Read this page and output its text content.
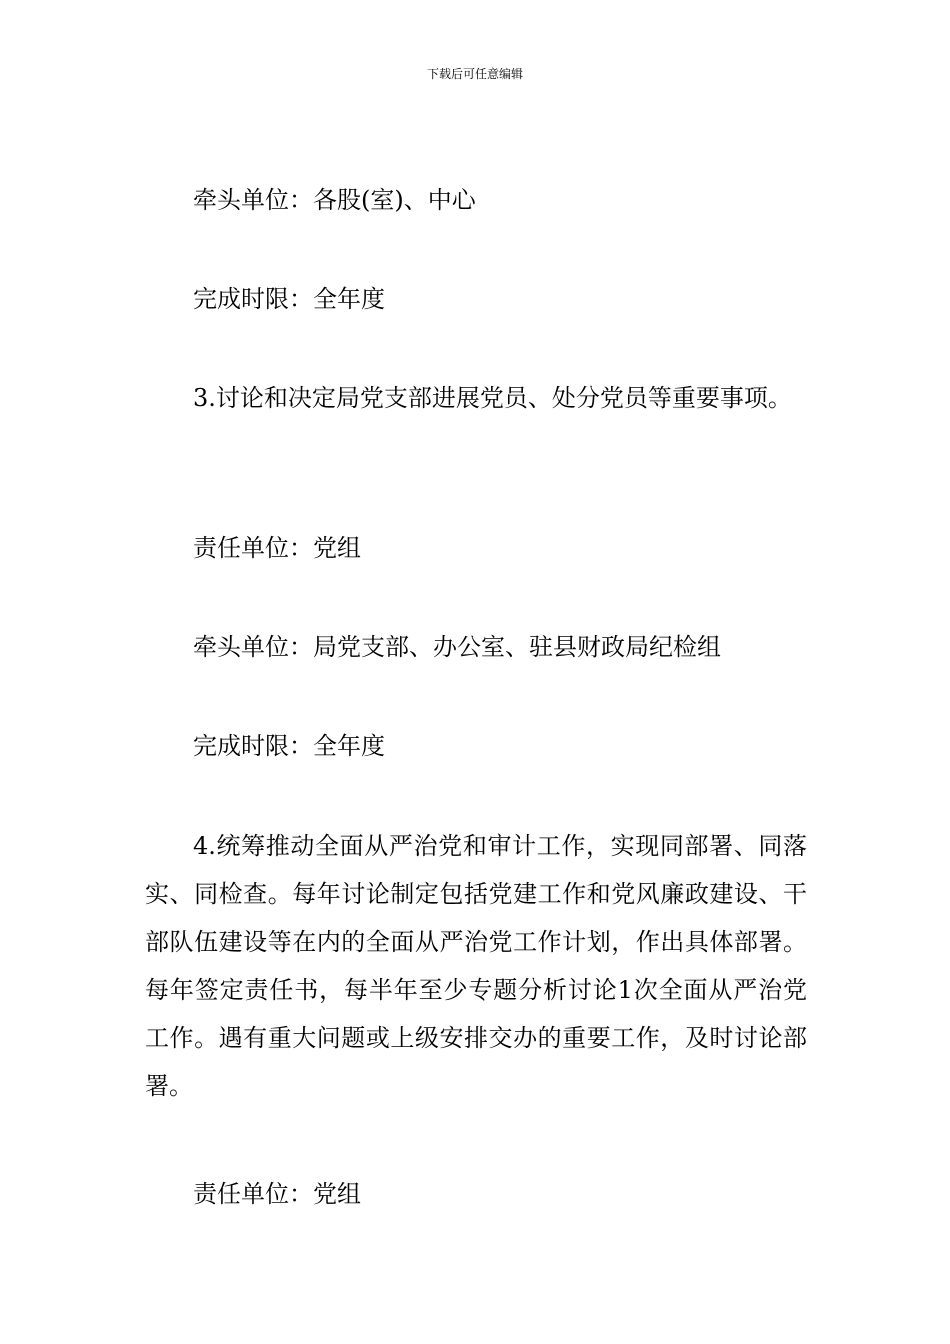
下载后可任意编辑

牵头单位：各股(室)、中心

完成时限：全年度

3.讨论和决定局党支部进展党员、处分党员等重要事项。

责任单位：党组

牵头单位：局党支部、办公室、驻县财政局纪检组

完成时限：全年度

4.统筹推动全面从严治党和审计工作，实现同部署、同落实、同检查。每年讨论制定包括党建工作和党风廉政建设、干部队伍建设等在内的全面从严治党工作计划，作出具体部署。每年签定责任书，每半年至少专题分析讨论1次全面从严治党工作。遇有重大问题或上级安排交办的重要工作，及时讨论部署。

责任单位：党组
